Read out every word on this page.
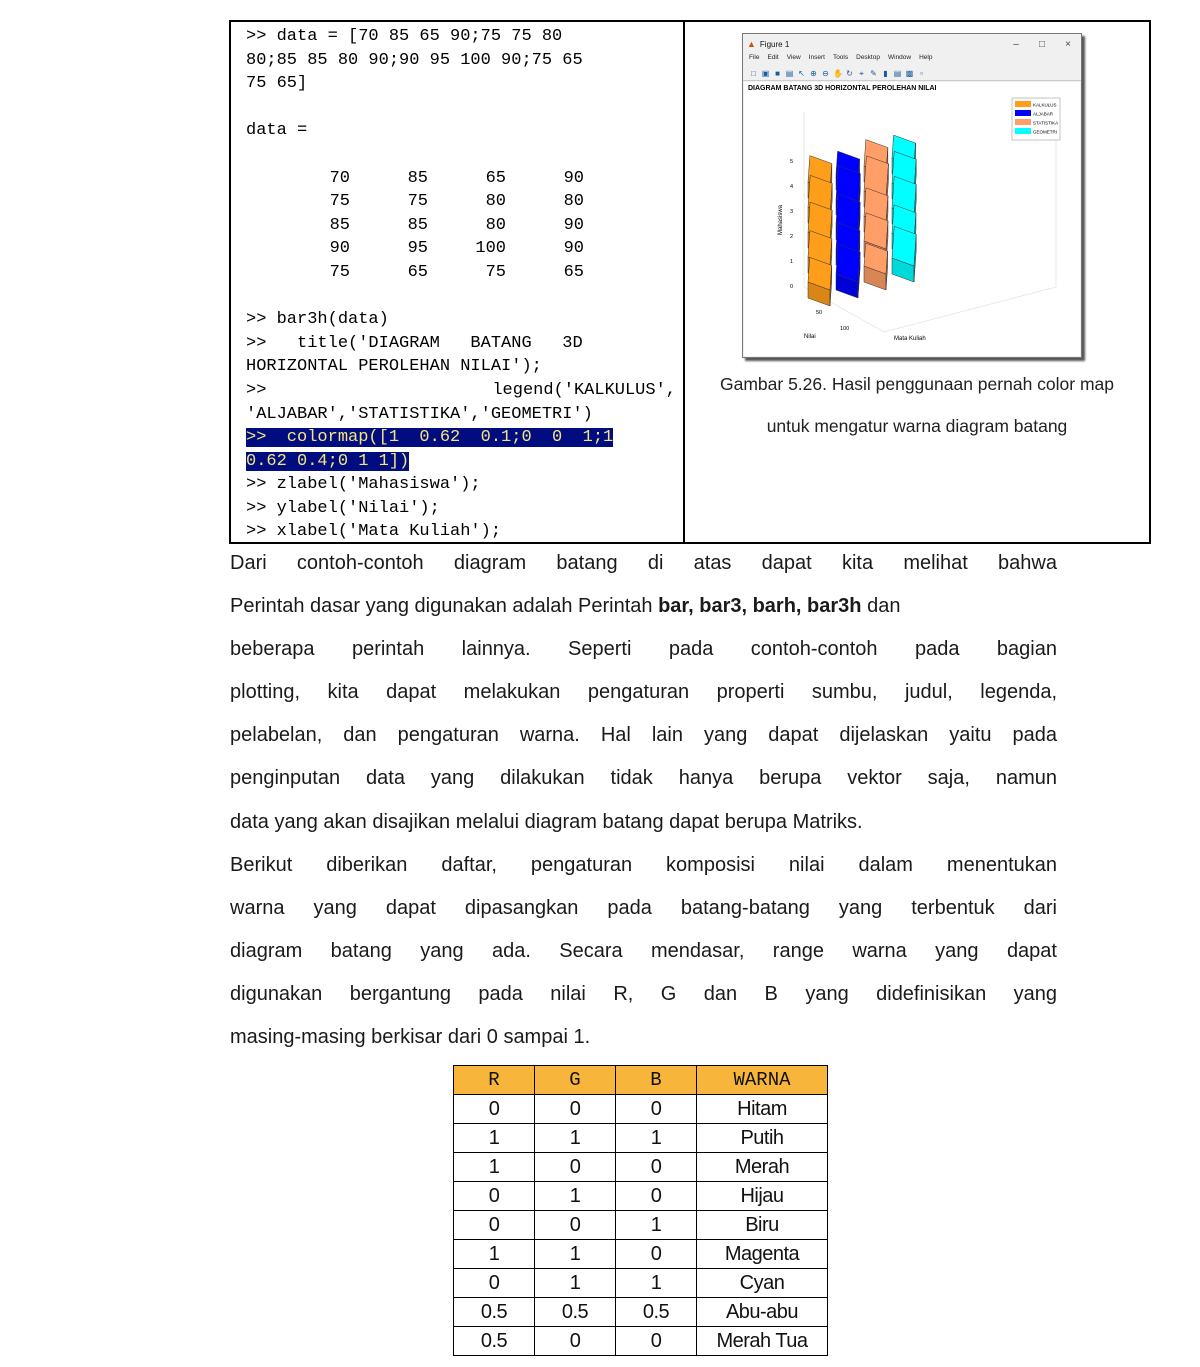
>> data = [70 85 65 90;75 75 80
80;85 85 80 90;90 95 100 90;75 65
75 65]
data =
70	85	65	90
75	75	80	80
85	85	80	90
90	95	100	90
75	65	75	65
>> bar3h(data)
>>   title('DIAGRAM   BATANG   3D
HORIZONTAL PEROLEHAN NILAI');
>>	legend('KALKULUS',
'ALJABAR','STATISTIKA','GEOMETRI')
>>  colormap([1  0.62  0.1;0  0  1;1
0.62 0.4;0 1 1])
>> zlabel('Mahasiswa');
>> ylabel('Nilai');
>> xlabel('Mata Kuliah');
▲ Figure 1	–	□	×
File Edit View Insert Tools Desktop Window Help
□ ▣ ■ ▤ ↖ ⊕ ⊖ ✋ ↻ ⌖ ✎ ▮ ▤ ▩ ▫
DIAGRAM BATANG 3D HORIZONTAL PEROLEHAN NILAI
0
1
2
3
4
5
50
100
Mahasiswa
Nilai	Mata Kuliah
KALKULUS
ALJABAR
STATISTIKA
GEOMETRI
Gambar 5.26. Hasil penggunaan pernah color map
untuk mengatur warna diagram batang

Dari contoh-contoh diagram batang di atas dapat kita melihat bahwa
Perintah dasar yang digunakan adalah Perintah bar, bar3, barh, bar3h dan
beberapa perintah lainnya. Seperti pada contoh-contoh pada bagian
plotting, kita dapat melakukan pengaturan properti sumbu, judul, legenda,
pelabelan, dan pengaturan warna. Hal lain yang dapat dijelaskan yaitu pada
penginputan data yang dilakukan tidak hanya berupa vektor saja, namun
data yang akan disajikan melalui diagram batang dapat berupa Matriks.

Berikut diberikan daftar, pengaturan komposisi nilai dalam menentukan
warna yang dapat dipasangkan pada batang-batang yang terbentuk dari
diagram batang yang ada. Secara mendasar, range warna yang dapat
digunakan bergantung pada nilai R, G dan B yang didefinisikan yang
masing-masing berkisar dari 0 sampai 1.

R	G	B	WARNA
0	0	0	Hitam
1	1	1	Putih
1	0	0	Merah
0	1	0	Hijau
0	0	1	Biru
1	1	0	Magenta
0	1	1	Cyan
0.5	0.5	0.5	Abu-abu
0.5	0	0	Merah Tua
